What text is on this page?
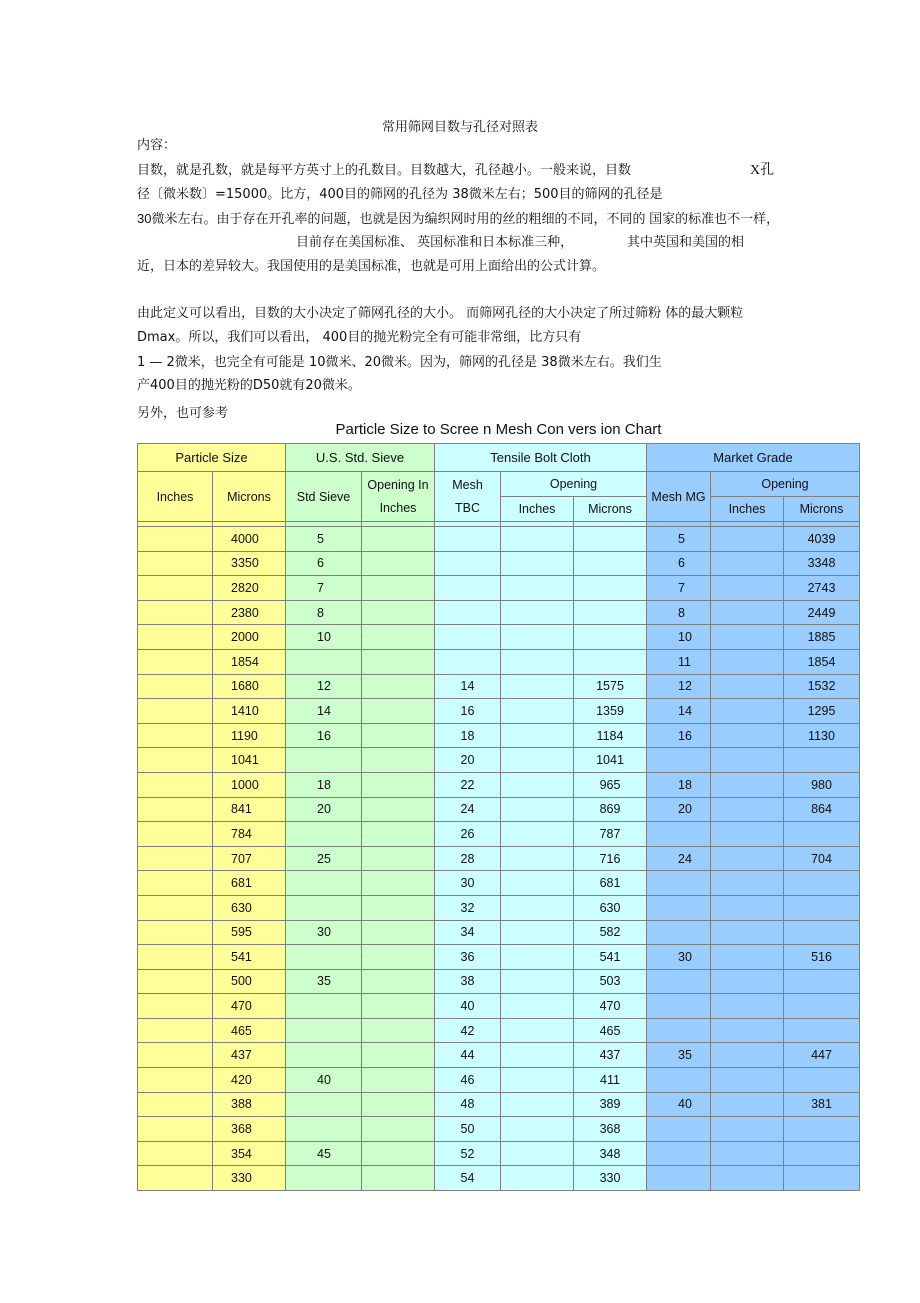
常用筛网目数与孔径对照表
内容：
目数，就是孔数，就是每平方英寸上的孔数目。目数越大，孔径越小。一般来说，目数	X孔
径〔微米数〕=15000。比方，400目的筛网的孔径为 38微米左右；500目的筛网的孔径是
30微米左右。由于存在开孔率的问题，也就是因为编织网时用的丝的粗细的不同，不同的 国家的标准也不一样，
目前存在美国标准、 英国标准和日本标准三种，	其中英国和美国的相
近，日本的差异较大。我国使用的是美国标准，也就是可用上面给出的公式计算。
由此定义可以看出，目数的大小决定了筛网孔径的大小。 而筛网孔径的大小决定了所过筛粉 体的最大颗粒
Dmax。所以，我们可以看出， 400目的抛光粉完全有可能非常细，比方只有
1 — 2微米，也完全有可能是 10微米、20微米。因为，筛网的孔径是 38微米左右。我们生
产400目的抛光粉的D50就有20微米。
另外，也可参考
Particle Size to Scree n Mesh Con vers ion Chart
Particle Size		U.S. Std. Sieve		Tensile Bolt Cloth			Market Grade		
Inches	Microns	Std Sieve	Opening In
Inches	Mesh
TBC	Opening		Mesh MG	Opening	
					Inches	Microns		Inches	Microns

	4000	5					5		4039
	3350	6					6		3348
	2820	7					7		2743
	2380	8					8		2449
	2000	10					10		1885
	1854						11		1854
	1680	12		14		1575	12		1532
	1410	14		16		1359	14		1295
	1190	16		18		1184	16		1130
	1041			20		1041			
	1000	18		22		965	18		980
	841	20		24		869	20		864
	784			26		787			
	707	25		28		716	24		704
	681			30		681			
	630			32		630			
	595	30		34		582			
	541			36		541	30		516
	500	35		38		503			
	470			40		470			
	465			42		465			
	437			44		437	35		447
	420	40		46		411			
	388			48		389	40		381
	368			50		368			
	354	45		52		348			
	330			54		330			
